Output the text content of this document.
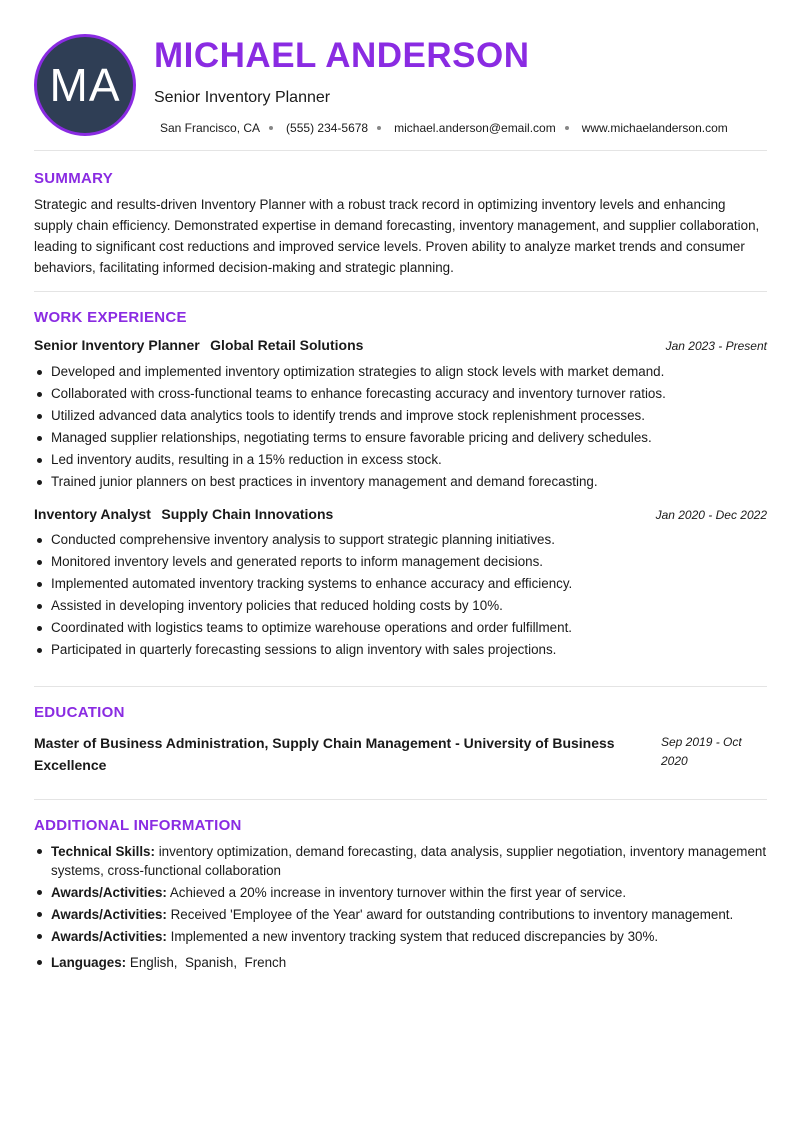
MA
MICHAEL ANDERSON
Senior Inventory Planner
San Francisco, CA (555) 234-5678 michael.anderson@email.com www.michaelanderson.com
SUMMARY

Strategic and results-driven Inventory Planner with a robust track record in optimizing inventory levels and enhancing supply chain efficiency. Demonstrated expertise in demand forecasting, inventory management, and supplier collaboration, leading to significant cost reductions and improved service levels. Proven ability to analyze market trends and consumer behaviors, facilitating informed decision-making and strategic planning.

WORK EXPERIENCE
Senior Inventory Planner Global Retail Solutions	Jan 2023 - Present
Developed and implemented inventory optimization strategies to align stock levels with market demand.
Collaborated with cross-functional teams to enhance forecasting accuracy and inventory turnover ratios.
Utilized advanced data analytics tools to identify trends and improve stock replenishment processes.
Managed supplier relationships, negotiating terms to ensure favorable pricing and delivery schedules.
Led inventory audits, resulting in a 15% reduction in excess stock.
Trained junior planners on best practices in inventory management and demand forecasting.
Inventory Analyst Supply Chain Innovations	Jan 2020 - Dec 2022
Conducted comprehensive inventory analysis to support strategic planning initiatives.
Monitored inventory levels and generated reports to inform management decisions.
Implemented automated inventory tracking systems to enhance accuracy and efficiency.
Assisted in developing inventory policies that reduced holding costs by 10%.
Coordinated with logistics teams to optimize warehouse operations and order fulfillment.
Participated in quarterly forecasting sessions to align inventory with sales projections.
EDUCATION
Master of Business Administration, Supply Chain Management - University of Business Excellence
Sep 2019 - Oct 2020
ADDITIONAL INFORMATION
Technical Skills: inventory optimization, demand forecasting, data analysis, supplier negotiation, inventory management systems, cross-functional collaboration
Awards/Activities: Achieved a 20% increase in inventory turnover within the first year of service.
Awards/Activities: Received 'Employee of the Year' award for outstanding contributions to inventory management.
Awards/Activities: Implemented a new inventory tracking system that reduced discrepancies by 30%.
Languages: English,  Spanish,  French
